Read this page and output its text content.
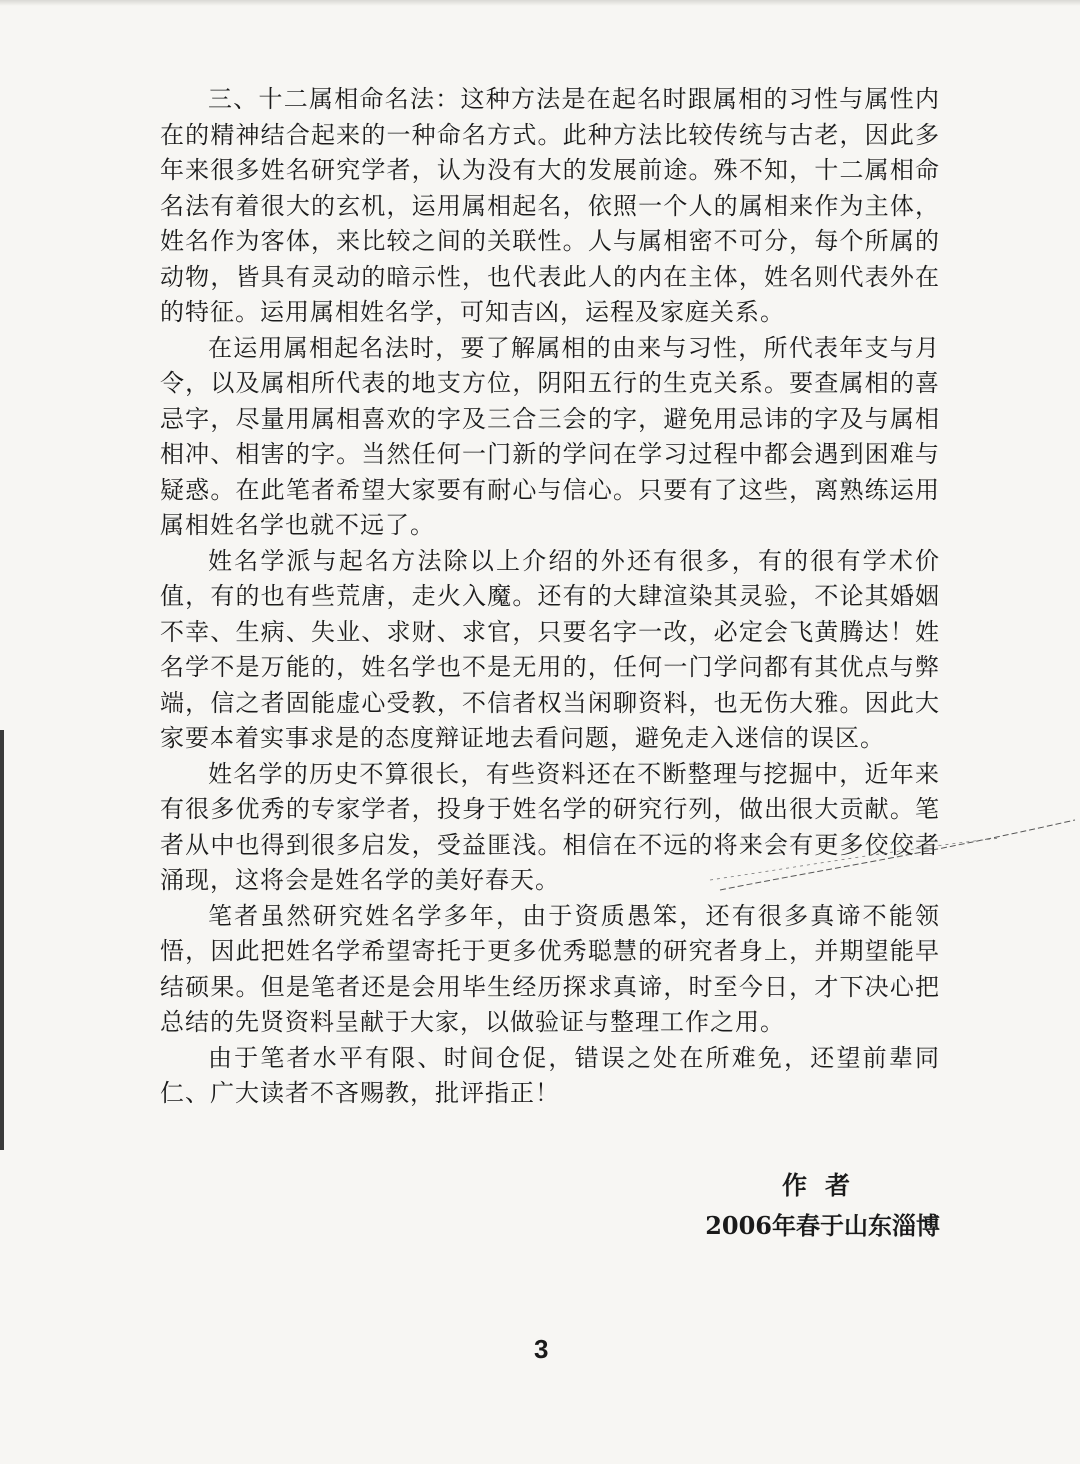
三、十二属相命名法：这种方法是在起名时跟属相的习性与属性内在的精神结合起来的一种命名方式。此种方法比较传统与古老，因此多年来很多姓名研究学者，认为没有大的发展前途。殊不知，十二属相命名法有着很大的玄机，运用属相起名，依照一个人的属相来作为主体，姓名作为客体，来比较之间的关联性。人与属相密不可分，每个所属的动物，皆具有灵动的暗示性，也代表此人的内在主体，姓名则代表外在的特征。运用属相姓名学，可知吉凶，运程及家庭关系。

在运用属相起名法时，要了解属相的由来与习性，所代表年支与月令，以及属相所代表的地支方位，阴阳五行的生克关系。要查属相的喜忌字，尽量用属相喜欢的字及三合三会的字，避免用忌讳的字及与属相相冲、相害的字。当然任何一门新的学问在学习过程中都会遇到困难与疑惑。在此笔者希望大家要有耐心与信心。只要有了这些，离熟练运用属相姓名学也就不远了。

姓名学派与起名方法除以上介绍的外还有很多，有的很有学术价值，有的也有些荒唐，走火入魔。还有的大肆渲染其灵验，不论其婚姻不幸、生病、失业、求财、求官，只要名字一改，必定会飞黄腾达！姓名学不是万能的，姓名学也不是无用的，任何一门学问都有其优点与弊端，信之者固能虚心受教，不信者权当闲聊资料，也无伤大雅。因此大家要本着实事求是的态度辩证地去看问题，避免走入迷信的误区。

姓名学的历史不算很长，有些资料还在不断整理与挖掘中，近年来有很多优秀的专家学者，投身于姓名学的研究行列，做出很大贡献。笔者从中也得到很多启发，受益匪浅。相信在不远的将来会有更多佼佼者涌现，这将会是姓名学的美好春天。

笔者虽然研究姓名学多年，由于资质愚笨，还有很多真谛不能领悟，因此把姓名学希望寄托于更多优秀聪慧的研究者身上，并期望能早结硕果。但是笔者还是会用毕生经历探求真谛，时至今日，才下决心把总结的先贤资料呈献于大家，以做验证与整理工作之用。

由于笔者水平有限、时间仓促，错误之处在所难免，还望前辈同仁、广大读者不吝赐教，批评指正！

作者
2006年春于山东淄博
3
